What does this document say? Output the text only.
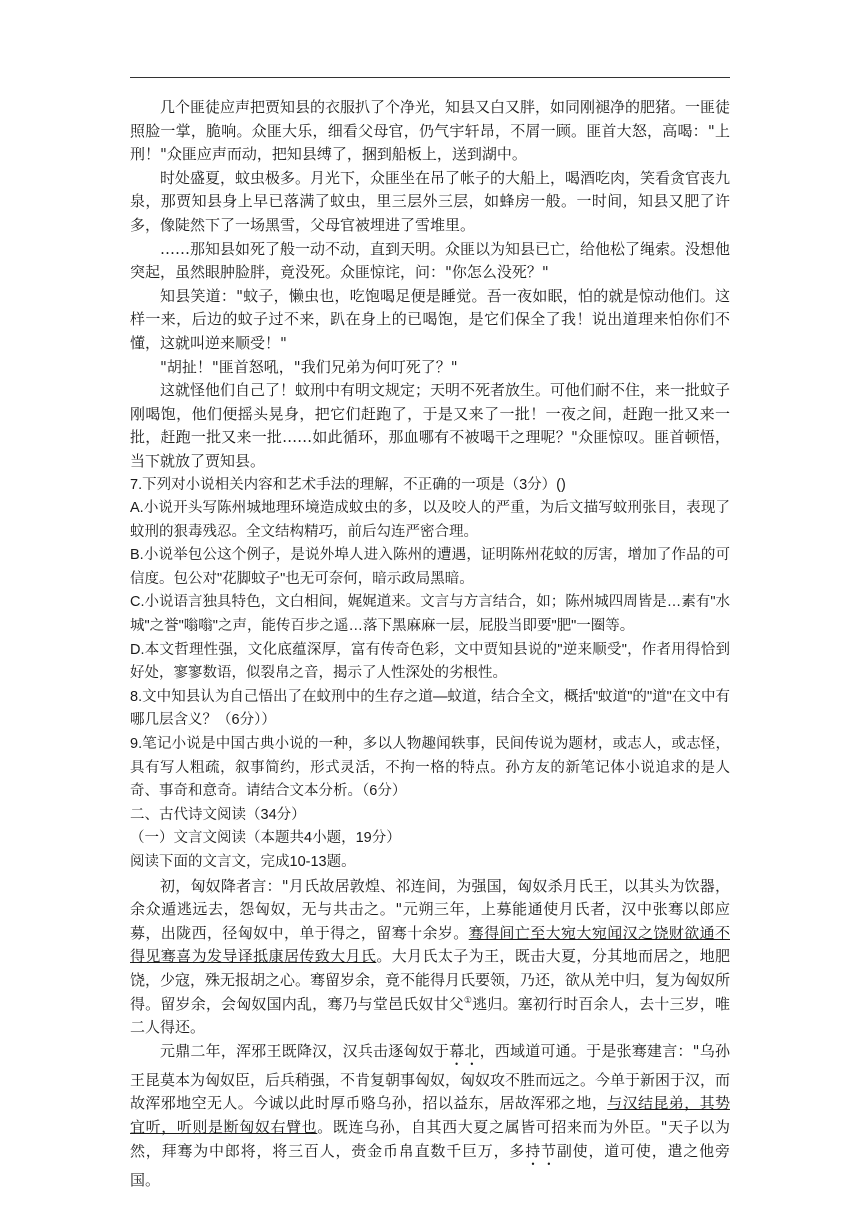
几个匪徒应声把贾知县的衣服扒了个净光，知县又白又胖，如同刚褪净的肥猪。一匪徒照脸一掌，脆响。众匪大乐，细看父母官，仍气宇轩昂，不屑一顾。匪首大怒，高喝："上刑！"众匪应声而动，把知县缚了，捆到船板上，送到湖中。

时处盛夏，蚊虫极多。月光下，众匪坐在吊了帐子的大船上，喝酒吃肉，笑看贪官丧九泉，那贾知县身上早已落满了蚊虫，里三层外三层，如蜂房一般。一时间，知县又肥了许多，像陡然下了一场黑雪，父母官被埋进了雪堆里。

……那知县如死了般一动不动，直到天明。众匪以为知县已亡，给他松了绳索。没想他突起，虽然眼肿脸胖，竟没死。众匪惊诧，问："你怎么没死？"

知县笑道："蚊子，懒虫也，吃饱喝足便是睡觉。吾一夜如眠，怕的就是惊动他们。这样一来，后边的蚊子过不来，趴在身上的已喝饱，是它们保全了我！说出道理来怕你们不懂，这就叫逆来顺受！"

"胡扯！"匪首怒吼，"我们兄弟为何叮死了？"

这就怪他们自己了！蚊刑中有明文规定；天明不死者放生。可他们耐不住，来一批蚊子刚喝饱，他们便摇头晃身，把它们赶跑了，于是又来了一批！一夜之间，赶跑一批又来一批，赶跑一批又来一批……如此循环，那血哪有不被喝干之理呢？"众匪惊叹。匪首顿悟，当下就放了贾知县。

7.下列对小说相关内容和艺术手法的理解，不正确的一项是（3分）()

A.小说开头写陈州城地理环境造成蚊虫的多，以及咬人的严重，为后文描写蚊刑张目，表现了蚊刑的狠毒残忍。全文结构精巧，前后勾连严密合理。

B.小说举包公这个例子，是说外埠人进入陈州的遭遇，证明陈州花蚊的厉害，增加了作品的可信度。包公对"花脚蚊子"也无可奈何，暗示政局黑暗。

C.小说语言独具特色，文白相间，娓娓道来。文言与方言结合，如；陈州城四周皆是…素有"水城"之誉"嗡嗡"之声，能传百步之遥…落下黑麻麻一层，屁股当即要"肥"一圈等。

D.本文哲理性强，文化底蕴深厚，富有传奇色彩，文中贾知县说的"逆来顺受"，作者用得恰到好处，寥寥数语，似裂帛之音，揭示了人性深处的劣根性。

8.文中知县认为自己悟出了在蚊刑中的生存之道—蚊道，结合全文，概括"蚊道"的"道"在文中有哪几层含义？（6分））

9.笔记小说是中国古典小说的一种，多以人物趣闻轶事，民间传说为题材，或志人，或志怪，具有写人粗疏，叙事简约，形式灵活，不拘一格的特点。孙方友的新笔记体小说追求的是人奇、事奇和意奇。请结合文本分析。（6分）

二、古代诗文阅读（34分）

（一）文言文阅读（本题共4小题，19分）

阅读下面的文言文，完成10-13题。

初，匈奴降者言："月氏故居敦煌、祁连间，为强国，匈奴杀月氏王，以其头为饮器，余众遁逃远去，怨匈奴，无与共击之。"元朔三年，上募能通使月氏者，汉中张骞以郎应募，出陇西，径匈奴中，单于得之，留骞十余岁。骞得间亡至大宛大宛闻汉之饶财欲通不得见骞喜为发导译抵康居传致大月氏。大月氏太子为王，既击大夏，分其地而居之，地肥饶，少寇，殊无报胡之心。骞留岁余，竟不能得月氏要领，乃还，欲从羌中归，复为匈奴所得。留岁余，会匈奴国内乱，骞乃与堂邑氏奴甘父①逃归。塞初行时百余人，去十三岁，唯二人得还。

元鼎二年，浑邪王既降汉，汉兵击逐匈奴于幕北，西域道可通。于是张骞建言："乌孙王昆莫本为匈奴臣，后兵稍强，不肯复朝事匈奴，匈奴攻不胜而远之。今单于新困于汉，而故浑邪地空无人。今诚以此时厚币赂乌孙，招以益东，居故浑邪之地，与汉结昆弟，其势宜听，听则是断匈奴右臂也。既连乌孙，自其西大夏之属皆可招来而为外臣。"天子以为然，拜骞为中郎将，将三百人，赍金币帛直数千巨万，多持节副使，道可使，遣之他旁国。
